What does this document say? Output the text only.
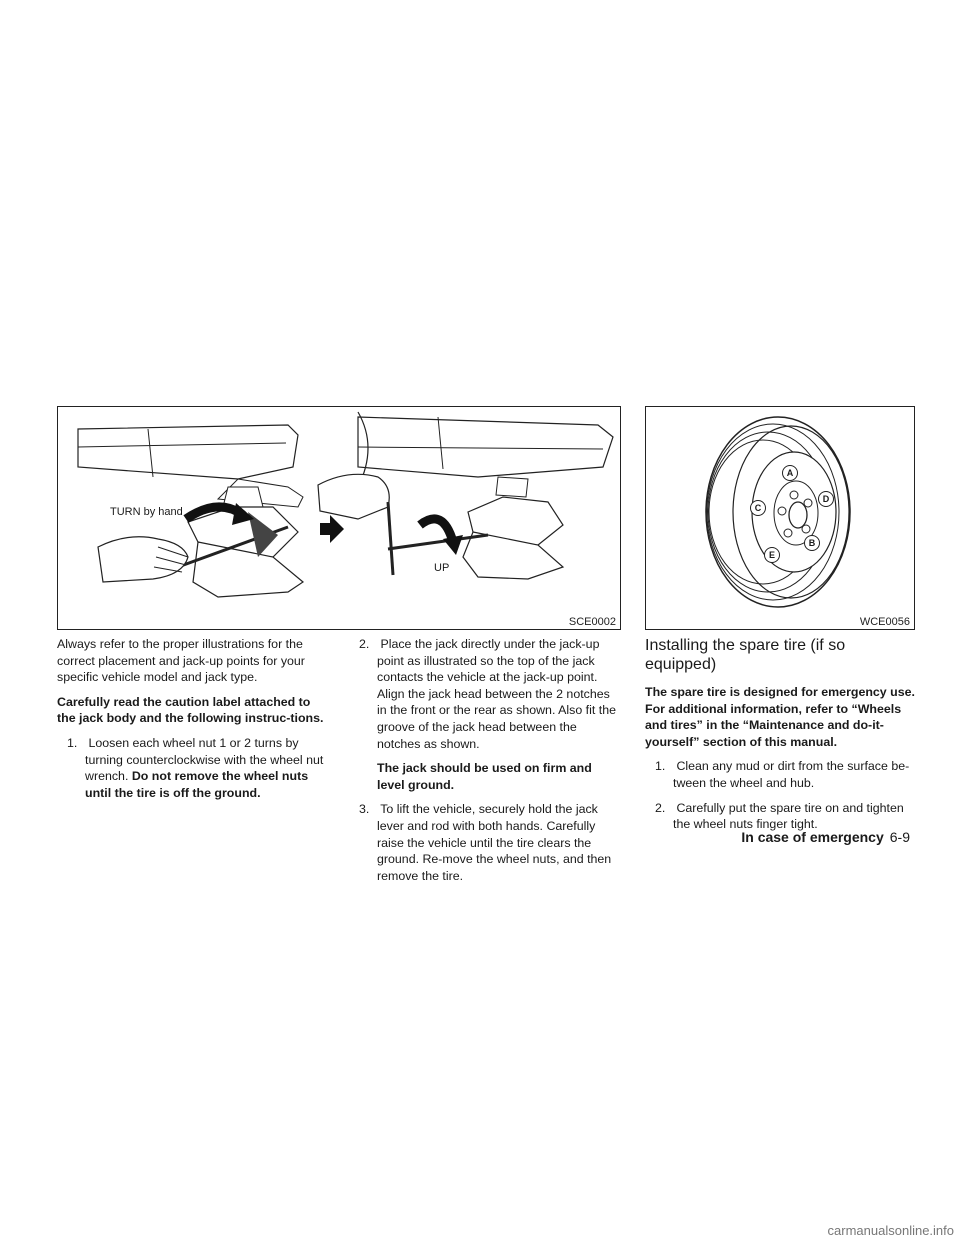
TURN by hand
UP
SCE0002
A
B
C
D
E
WCE0056

Always refer to the proper illustrations for the correct placement and jack-up points for your specific vehicle model and jack type.

Carefully read the caution label attached to the jack body and the following instruc-tions.

1. Loosen each wheel nut 1 or 2 turns by turning counterclockwise with the wheel nut wrench. Do not remove the wheel nuts until the tire is off the ground.
2. Place the jack directly under the jack-up point as illustrated so the top of the jack contacts the vehicle at the jack-up point. Align the jack head between the 2 notches in the front or the rear as shown. Also fit the groove of the jack head between the notches as shown.
The jack should be used on firm and level ground.
3. To lift the vehicle, securely hold the jack lever and rod with both hands. Carefully raise the vehicle until the tire clears the ground. Re-move the wheel nuts, and then remove the tire.
Installing the spare tire (if so equipped)

The spare tire is designed for emergency use. For additional information, refer to “Wheels and tires” in the “Maintenance and do-it-yourself” section of this manual.

1. Clean any mud or dirt from the surface be-tween the wheel and hub.
2. Carefully put the spare tire on and tighten the wheel nuts finger tight.
In case of emergency 6-9
carmanualsonline.info
